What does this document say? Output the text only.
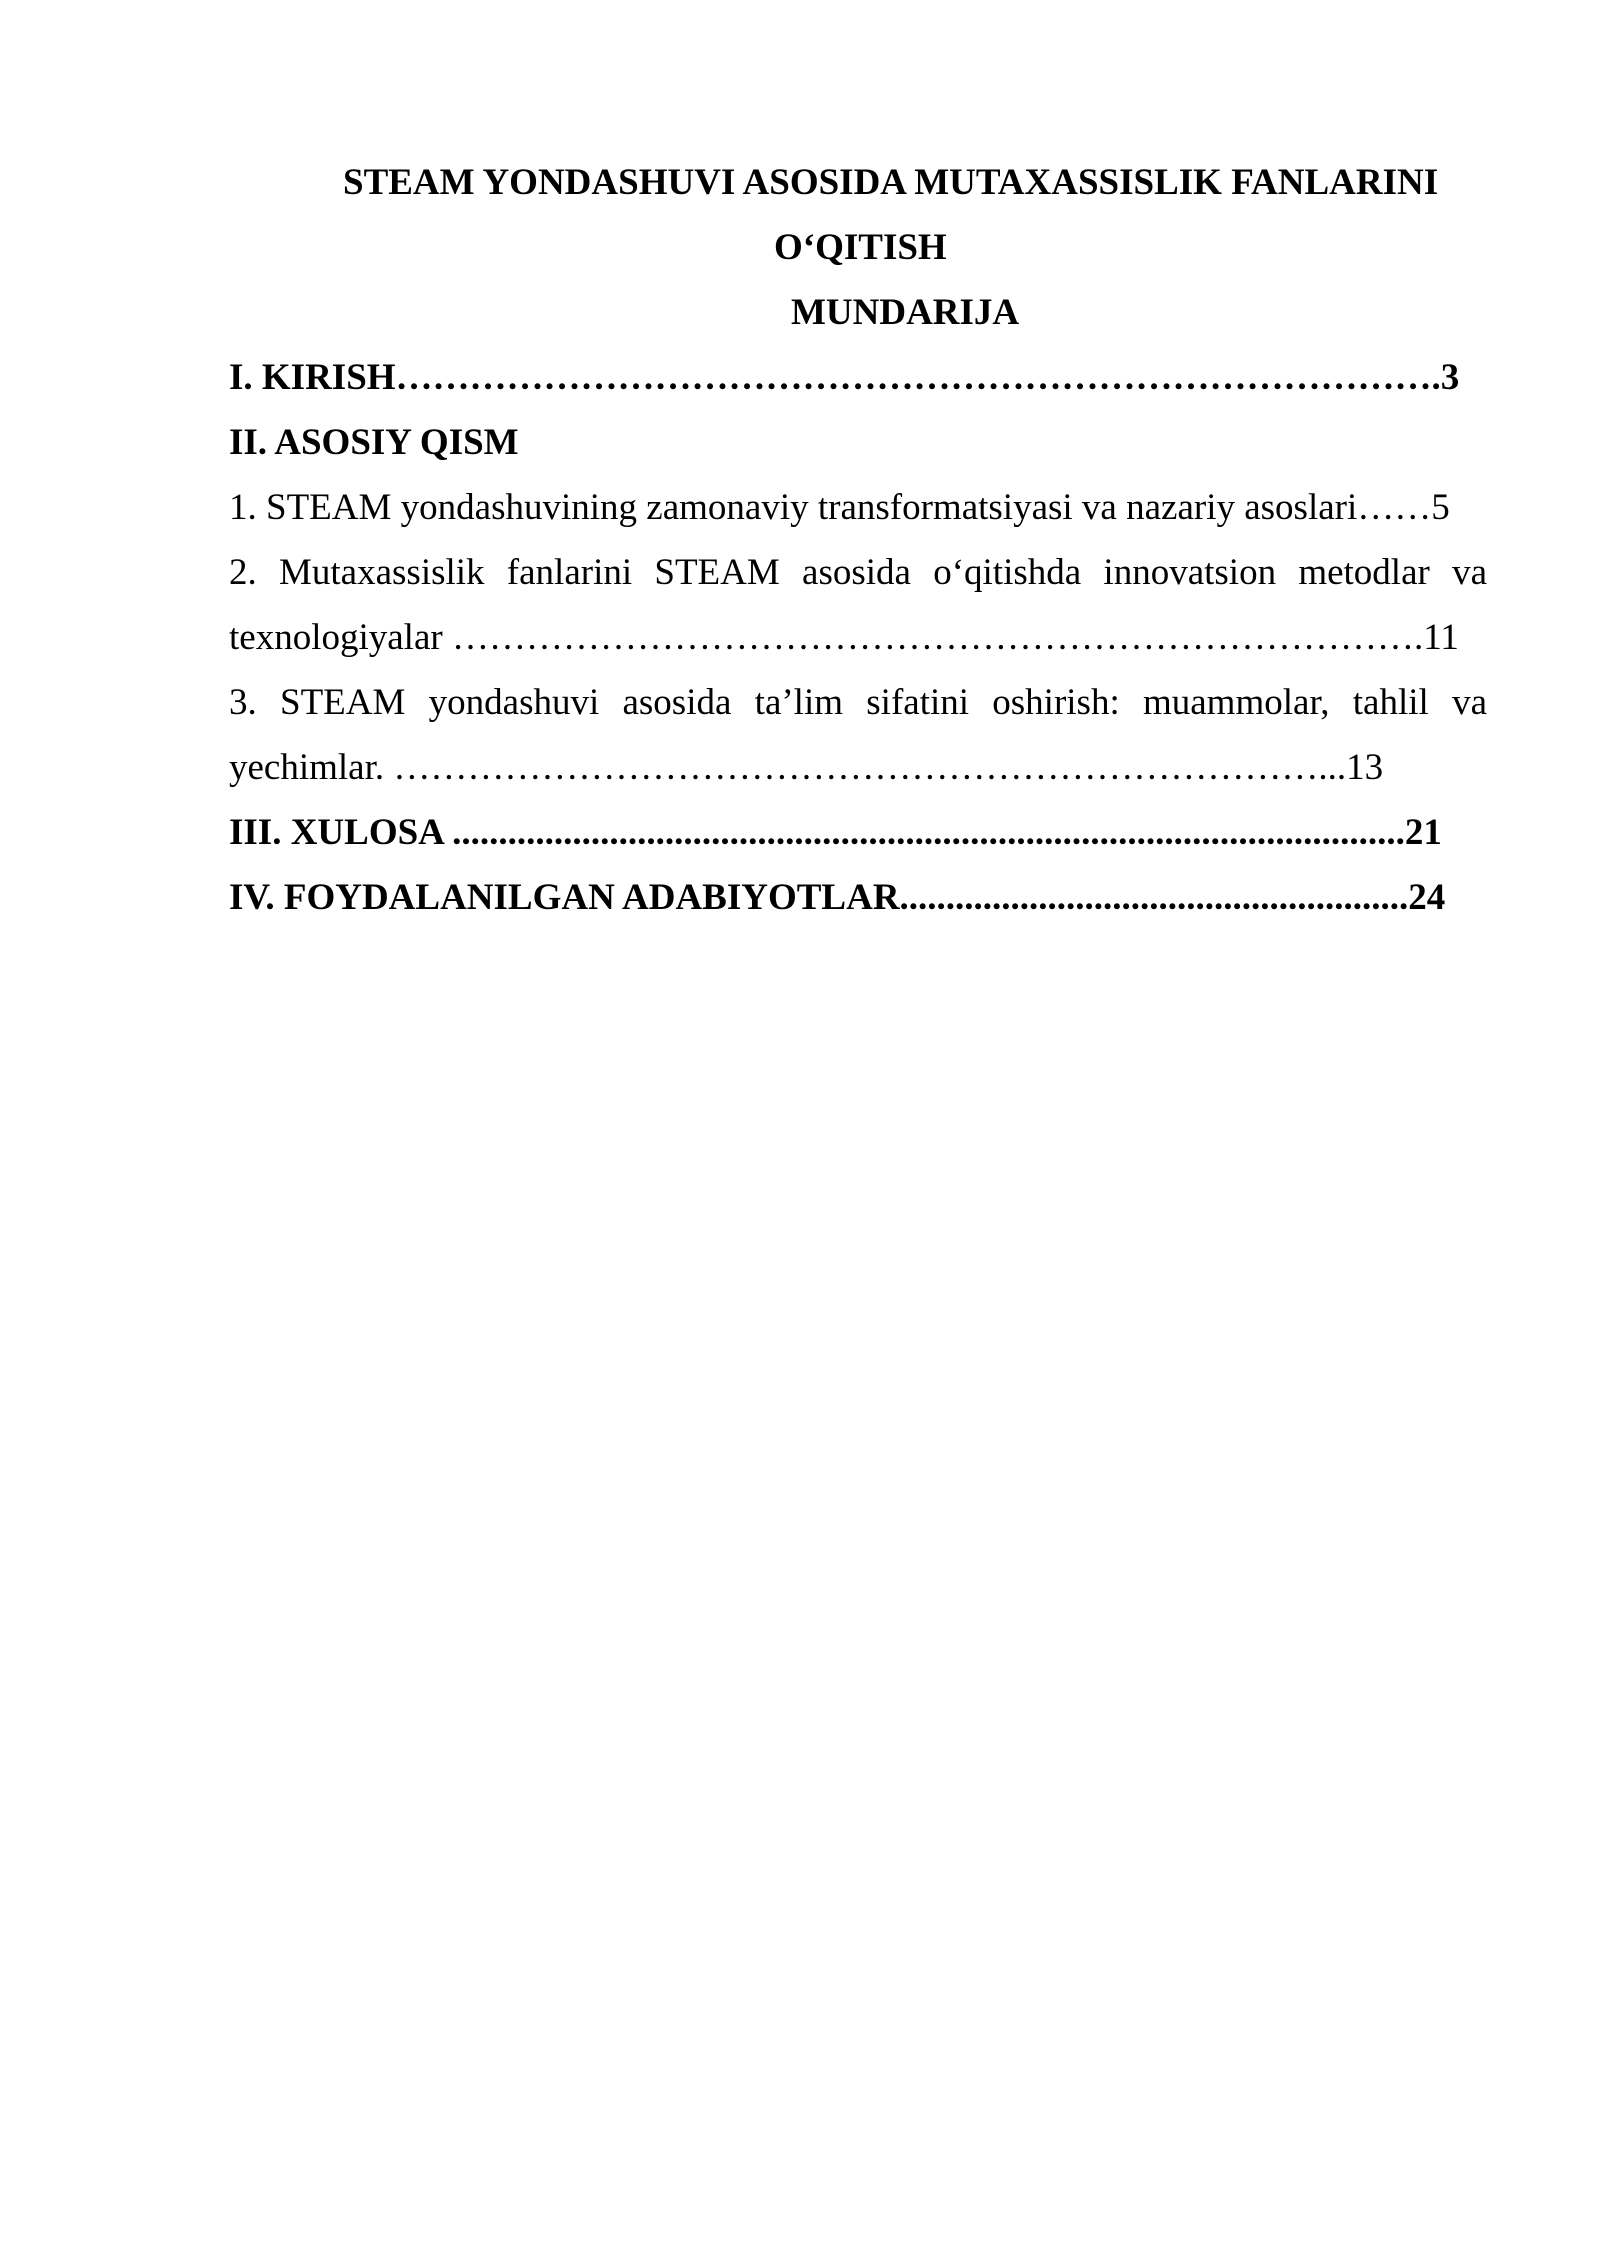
STEAM YONDASHUVI ASOSIDA MUTAXASSISLIK FANLARINI
O‘QITISH
MUNDARIJA
I. KIRISH………………………………………………………………………….3
II. ASOSIY QISM
1. STEAM yondashuvining zamonaviy transformatsiyasi va nazariy asoslari……5
2. Mutaxassislik fanlarini STEAM asosida o‘qitishda innovatsion metodlar va
texnologiyalar …………………………………………………………………….11
3. STEAM yondashuvi asosida ta’lim sifatini oshirish: muammolar, tahlil va
yechimlar. …………………………………………………………………...13
III. XULOSA .......................................................................................................21
IV. FOYDALANILGAN ADABIYOTLAR.......................................................24
